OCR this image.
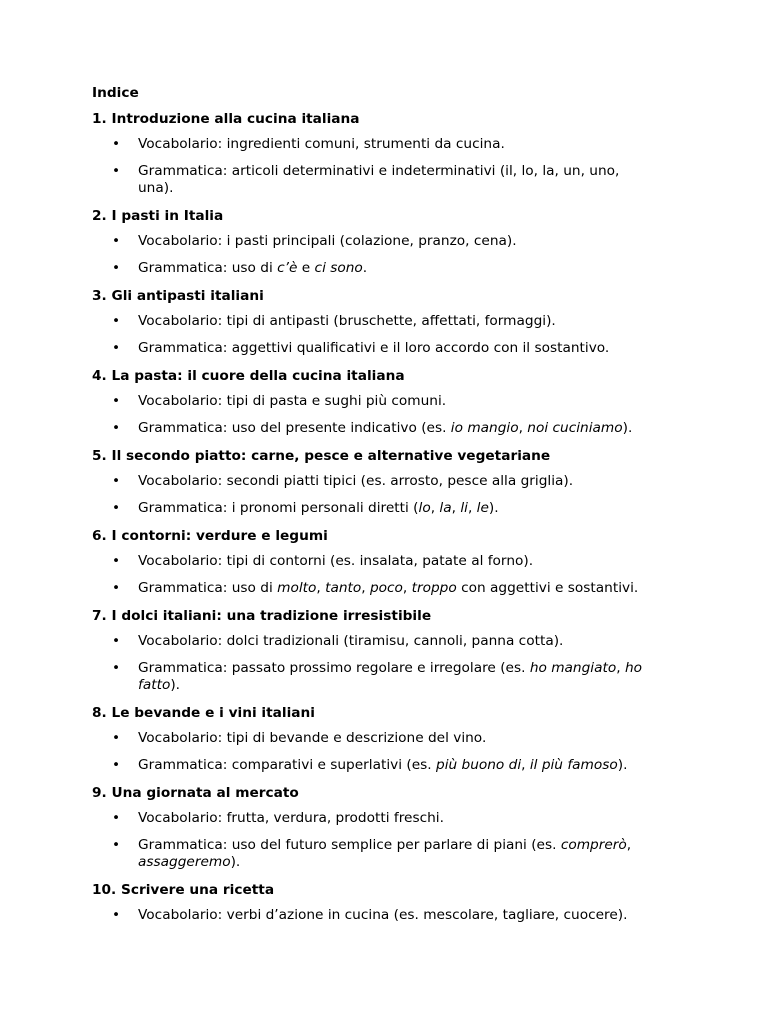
Indice
1. Introduzione alla cucina italiana
• Vocabolario: ingredienti comuni, strumenti da cucina.
• Grammatica: articoli determinativi e indeterminativi (il, lo, la, un, uno, una).
2. I pasti in Italia
• Vocabolario: i pasti principali (colazione, pranzo, cena).
• Grammatica: uso di c’è e ci sono.
3. Gli antipasti italiani
• Vocabolario: tipi di antipasti (bruschette, affettati, formaggi).
• Grammatica: aggettivi qualificativi e il loro accordo con il sostantivo.
4. La pasta: il cuore della cucina italiana
• Vocabolario: tipi di pasta e sughi più comuni.
• Grammatica: uso del presente indicativo (es. io mangio, noi cuciniamo).
5. Il secondo piatto: carne, pesce e alternative vegetariane
• Vocabolario: secondi piatti tipici (es. arrosto, pesce alla griglia).
• Grammatica: i pronomi personali diretti (lo, la, li, le).
6. I contorni: verdure e legumi
• Vocabolario: tipi di contorni (es. insalata, patate al forno).
• Grammatica: uso di molto, tanto, poco, troppo con aggettivi e sostantivi.
7. I dolci italiani: una tradizione irresistibile
• Vocabolario: dolci tradizionali (tiramisu, cannoli, panna cotta).
• Grammatica: passato prossimo regolare e irregolare (es. ho mangiato, ho fatto).
8. Le bevande e i vini italiani
• Vocabolario: tipi di bevande e descrizione del vino.
• Grammatica: comparativi e superlativi (es. più buono di, il più famoso).
9. Una giornata al mercato
• Vocabolario: frutta, verdura, prodotti freschi.
• Grammatica: uso del futuro semplice per parlare di piani (es. comprerò, assaggeremo).
10. Scrivere una ricetta
• Vocabolario: verbi d’azione in cucina (es. mescolare, tagliare, cuocere).
